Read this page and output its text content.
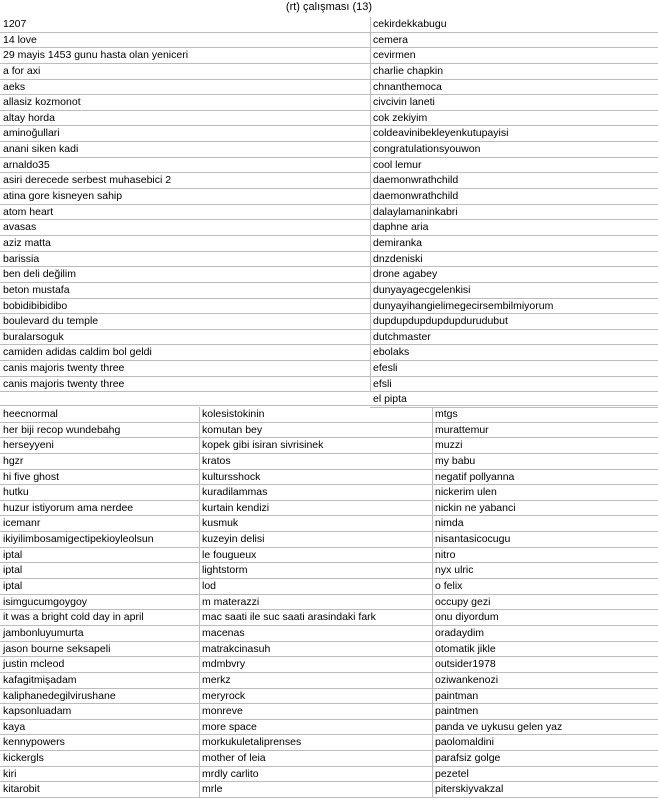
(rt) çalışması (13)
1207
14 love
29 mayis 1453 gunu hasta olan yeniceri
a for axi
aeks
allasiz kozmonot
altay horda
aminoğullari
anani siken kadi
arnaldo35
asiri derecede serbest muhasebici 2
atina gore kisneyen sahip
atom heart
avasas
aziz matta
barissia
ben deli değilim
beton mustafa
bobidibibidibo
boulevard du temple
buralarsoguk
camiden adidas caldim bol geldi
canis majoris twenty three
canis majoris twenty three
cekirdekkabugu
cemera
cevirmen
charlie chapkin
chnanthemoca
civcivin laneti
cok zekiyim
coldeavinibekleyenkutupayisi
congratulationsyouwon
cool lemur
daemonwrathchild
daemonwrathchild
dalaylamaninkabri
daphne aria
demiranka
dnzdeniski
drone agabey
dunyayagecgelenkisi
dunyayihangielimegecirsembilmiyorum
dupdupdupdupdupdurudubut
dutchmaster
ebolaks
efesli
efsli
el pipta
heecnormal
her biji recop wundebahg
herseyyeni
hgzr
hi five ghost
hutku
huzur istiyorum ama nerdee
icemanr
ikiyilimbosamigectipekioyleolsun
iptal
iptal
iptal
isimgucumgoygoy
it was a bright cold day in april
jambonluyumurta
jason bourne seksapeli
justin mcleod
kafagitmişadam
kaliphanedegilvirushane
kapsonluadam
kaya
kennypowers
kickergls
kiri
kitarobit
kolesistokinin
komutan bey
kopek gibi isiran sivrisinek
kratos
kultursshock
kuradilammas
kurtain kendizi
kusmuk
kuzeyin delisi
le fougueux
lightstorm
lod
m materazzi
mac saati ile suc saati arasindaki fark
macenas
matrakcinasuh
mdmbvry
merkz
meryrock
monreve
more space
morkukuletaliprenses
mother of leia
mrdly carlito
mrle
mtgs
murattemur
muzzi
my babu
negatif pollyanna
nickerim ulen
nickin ne yabanci
nimda
nisantasicocugu
nitro
nyx ulric
o felix
occupy gezi
onu diyordum
oradaydim
otomatik jikle
outsider1978
oziwankenozi
paintman
paintmen
panda ve uykusu gelen yaz
paolomaldini
parafsiz golge
pezetel
piterskiyvakzal
